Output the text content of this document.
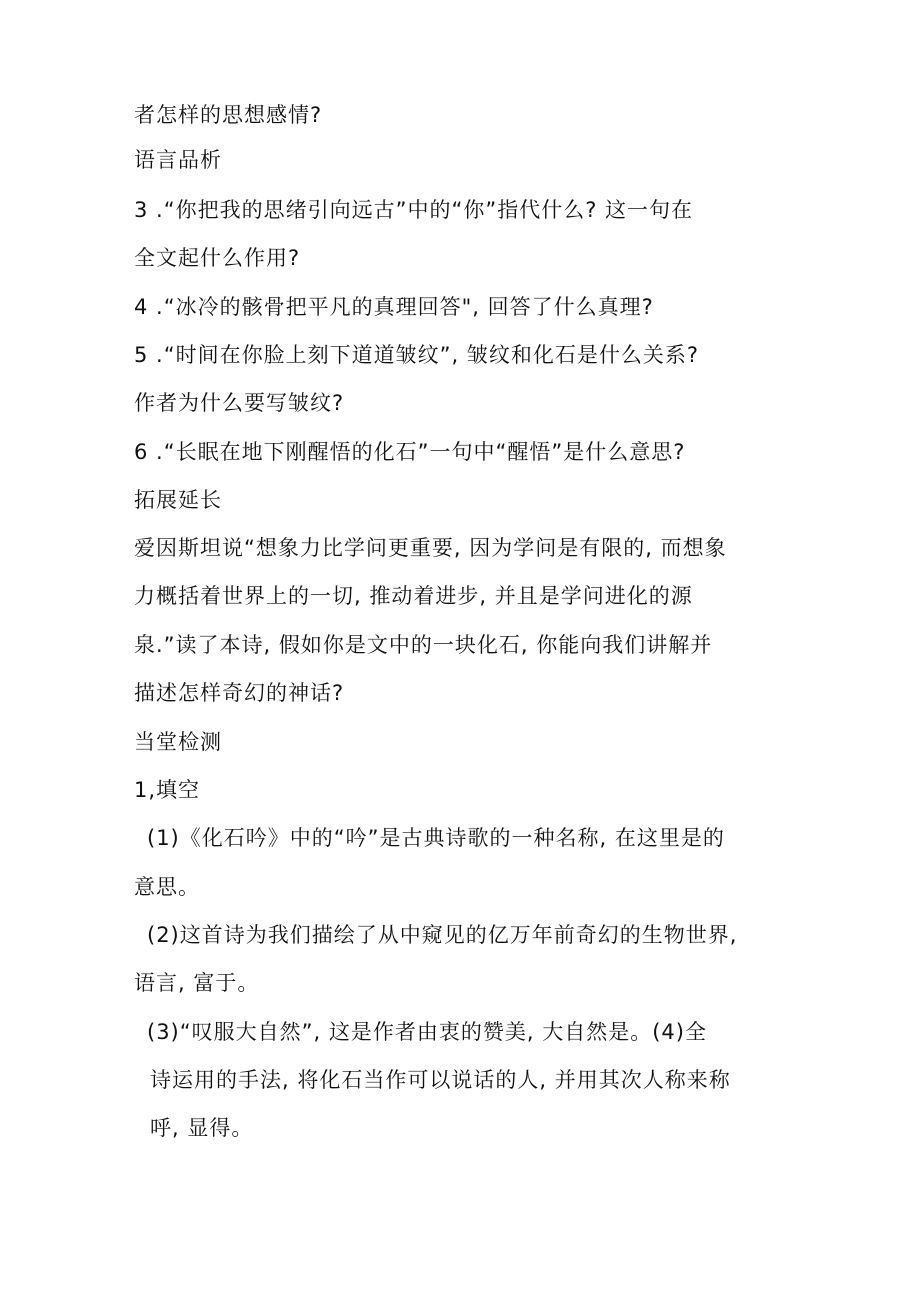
者怎样的思想感情?
语言品析
3 .“你把我的思绪引向远古”中的“你”指代什么? 这一句在
全文起什么作用?
4 .“冰冷的骸骨把平凡的真理回答", 回答了什么真理?
5 .“时间在你脸上刻下道道皱纹”, 皱纹和化石是什么关系?
作者为什么要写皱纹?
6 .“长眠在地下刚醒悟的化石”一句中“醒悟”是什么意思?
拓展延长
爱因斯坦说“想象力比学问更重要, 因为学问是有限的, 而想象
力概括着世界上的一切, 推动着进步, 并且是学问进化的源
泉.”读了本诗, 假如你是文中的一块化石, 你能向我们讲解并
描述怎样奇幻的神话?
当堂检测
1,填空
(1)《化石吟》中的“吟”是古典诗歌的一种名称, 在这里是的
意思。
(2)这首诗为我们描绘了从中窥见的亿万年前奇幻的生物世界,
语言, 富于。
(3)“叹服大自然”, 这是作者由衷的赞美, 大自然是。(4)全
诗运用的手法, 将化石当作可以说话的人, 并用其次人称来称
呼, 显得。
